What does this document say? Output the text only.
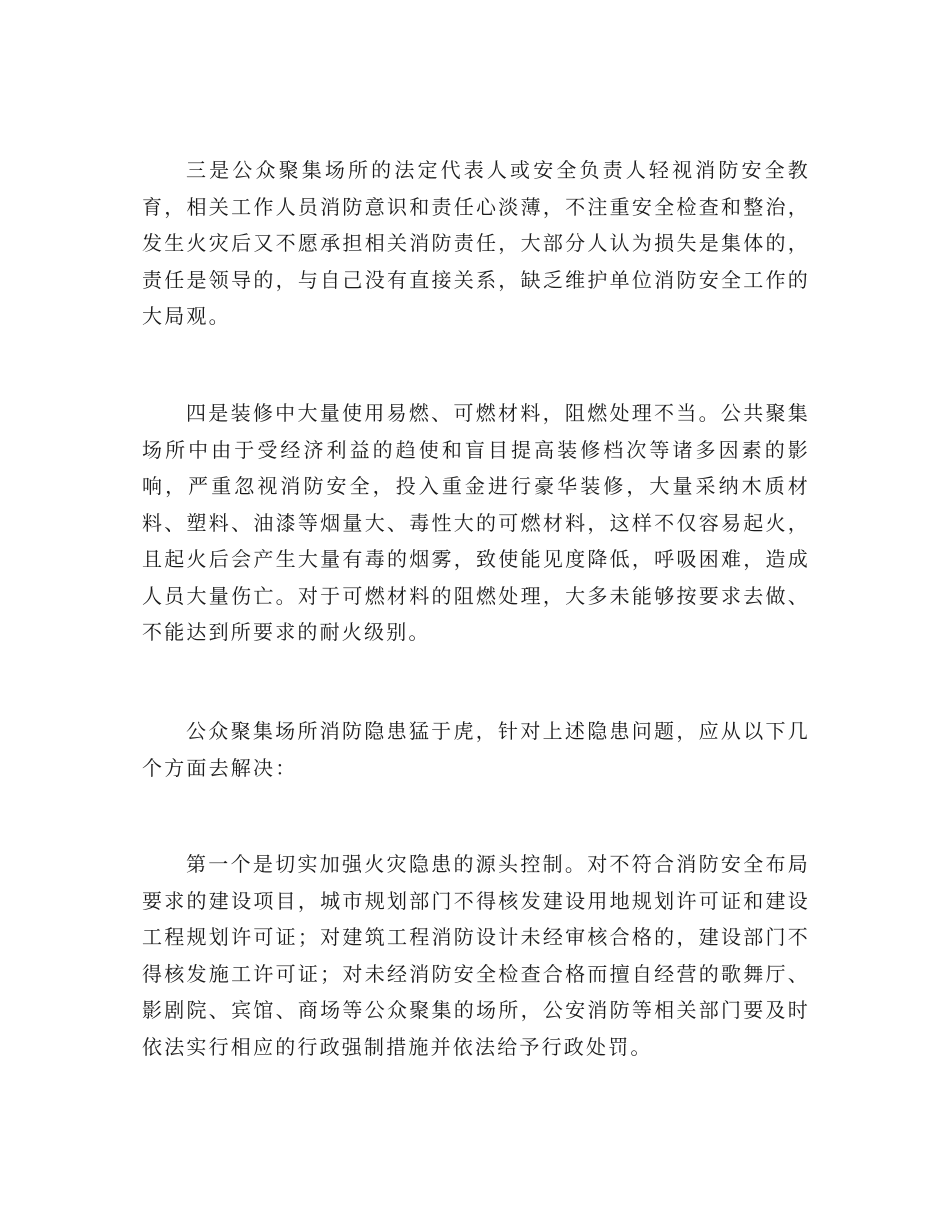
三是公众聚集场所的法定代表人或安全负责人轻视消防安全教育，相关工作人员消防意识和责任心淡薄，不注重安全检查和整治，发生火灾后又不愿承担相关消防责任，大部分人认为损失是集体的，责任是领导的，与自己没有直接关系，缺乏维护单位消防安全工作的大局观。

四是装修中大量使用易燃、可燃材料，阻燃处理不当。公共聚集场所中由于受经济利益的趋使和盲目提高装修档次等诸多因素的影响，严重忽视消防安全，投入重金进行豪华装修，大量采纳木质材料、塑料、油漆等烟量大、毒性大的可燃材料，这样不仅容易起火，且起火后会产生大量有毒的烟雾，致使能见度降低，呼吸困难，造成人员大量伤亡。对于可燃材料的阻燃处理，大多未能够按要求去做、不能达到所要求的耐火级别。

公众聚集场所消防隐患猛于虎，针对上述隐患问题，应从以下几个方面去解决：

第一个是切实加强火灾隐患的源头控制。对不符合消防安全布局要求的建设项目，城市规划部门不得核发建设用地规划许可证和建设工程规划许可证；对建筑工程消防设计未经审核合格的，建设部门不得核发施工许可证；对未经消防安全检查合格而擅自经营的歌舞厅、影剧院、宾馆、商场等公众聚集的场所，公安消防等相关部门要及时依法实行相应的行政强制措施并依法给予行政处罚。
